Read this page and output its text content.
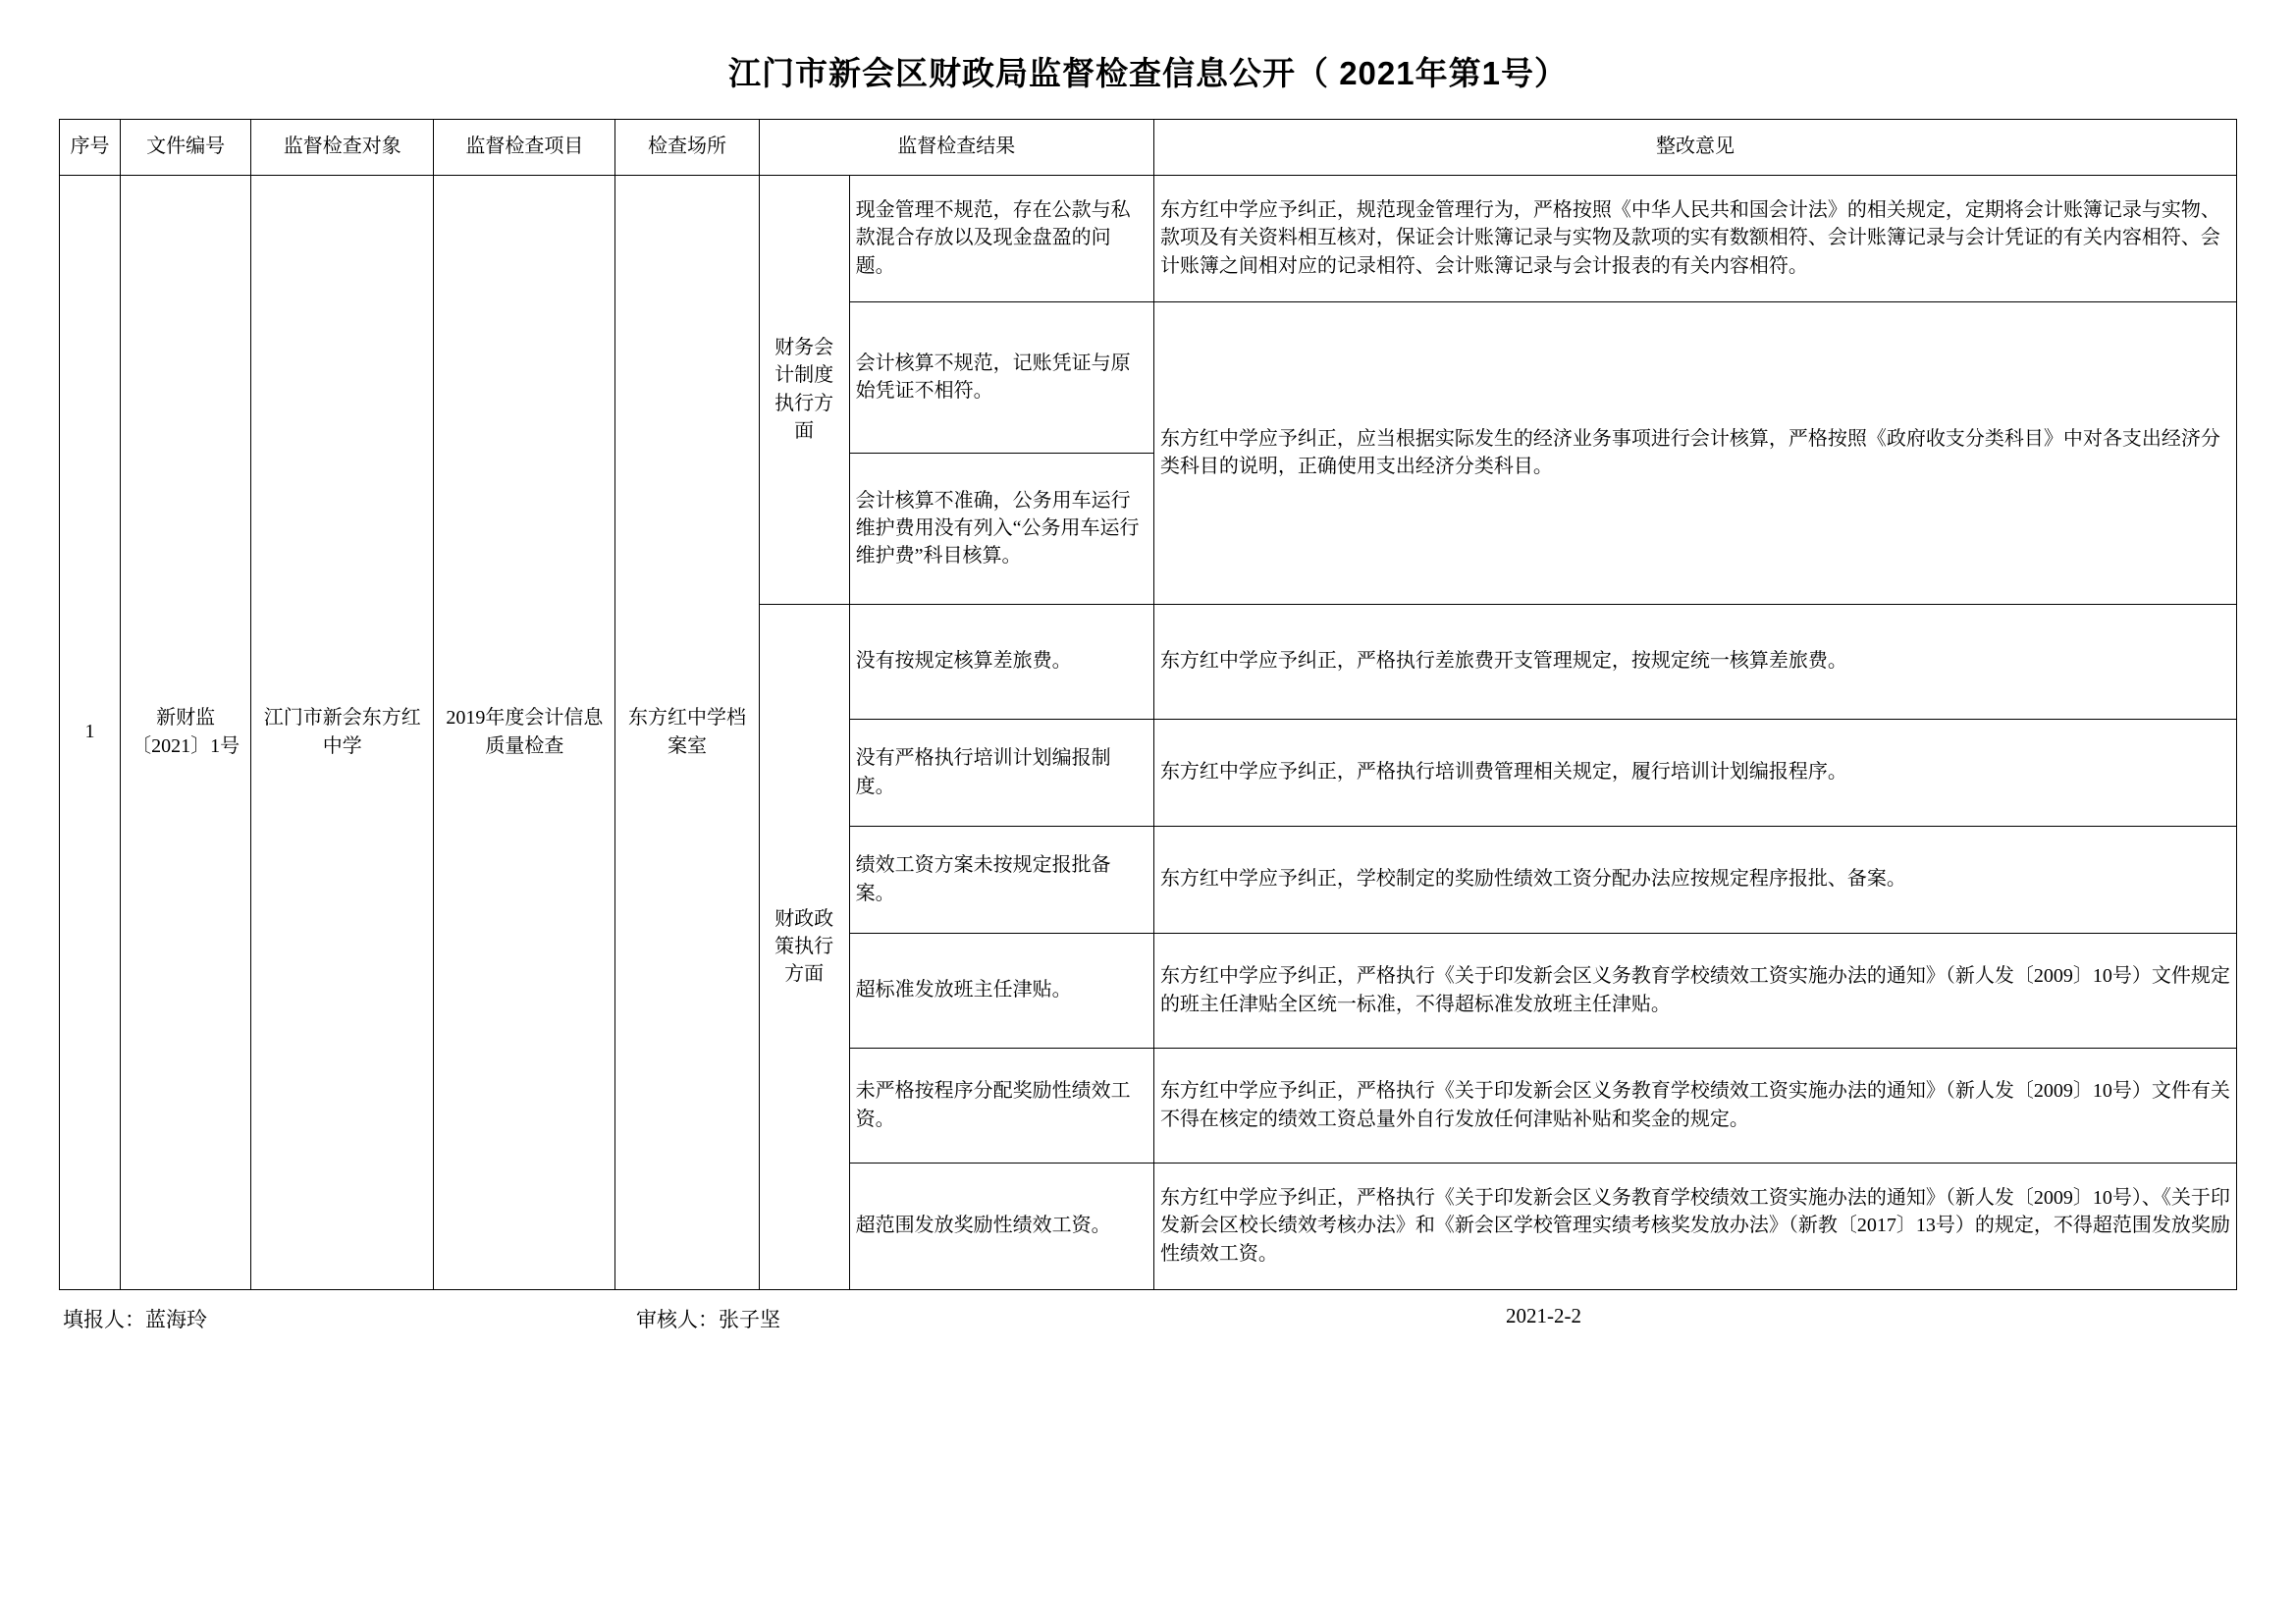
江门市新会区财政局监督检查信息公开（ 2021年第1号）
序号	文件编号	监督检查对象	监督检查项目	检查场所	监督检查结果		整改意见
1	新财监〔2021〕1号	江门市新会东方红中学	2019年度会计信息质量检查	东方红中学档案室	财务会计制度执行方面	现金管理不规范，存在公款与私款混合存放以及现金盘盈的问题。	东方红中学应予纠正，规范现金管理行为，严格按照《中华人民共和国会计法》的相关规定，定期将会计账簿记录与实物、款项及有关资料相互核对，保证会计账簿记录与实物及款项的实有数额相符、会计账簿记录与会计凭证的有关内容相符、会计账簿之间相对应的记录相符、会计账簿记录与会计报表的有关内容相符。
						会计核算不规范，记账凭证与原始凭证不相符。	东方红中学应予纠正，应当根据实际发生的经济业务事项进行会计核算，严格按照《政府收支分类科目》中对各支出经济分类科目的说明，正确使用支出经济分类科目。
						会计核算不准确，公务用车运行维护费用没有列入“公务用车运行维护费”科目核算。	
					财政政策执行方面	没有按规定核算差旅费。	东方红中学应予纠正，严格执行差旅费开支管理规定，按规定统一核算差旅费。
						没有严格执行培训计划编报制度。	东方红中学应予纠正，严格执行培训费管理相关规定，履行培训计划编报程序。
						绩效工资方案未按规定报批备案。	东方红中学应予纠正，学校制定的奖励性绩效工资分配办法应按规定程序报批、备案。
						超标准发放班主任津贴。	东方红中学应予纠正，严格执行《关于印发新会区义务教育学校绩效工资实施办法的通知》（新人发〔2009〕10号）文件规定的班主任津贴全区统一标准，不得超标准发放班主任津贴。
						未严格按程序分配奖励性绩效工资。	东方红中学应予纠正，严格执行《关于印发新会区义务教育学校绩效工资实施办法的通知》（新人发〔2009〕10号）文件有关不得在核定的绩效工资总量外自行发放任何津贴补贴和奖金的规定。
						超范围发放奖励性绩效工资。	东方红中学应予纠正，严格执行《关于印发新会区义务教育学校绩效工资实施办法的通知》（新人发〔2009〕10号）、《关于印发新会区校长绩效考核办法》和《新会区学校管理实绩考核奖发放办法》（新教〔2017〕13号）的规定，不得超范围发放奖励性绩效工资。
填报人：蓝海玲	审核人：张子坚	2021-2-2
